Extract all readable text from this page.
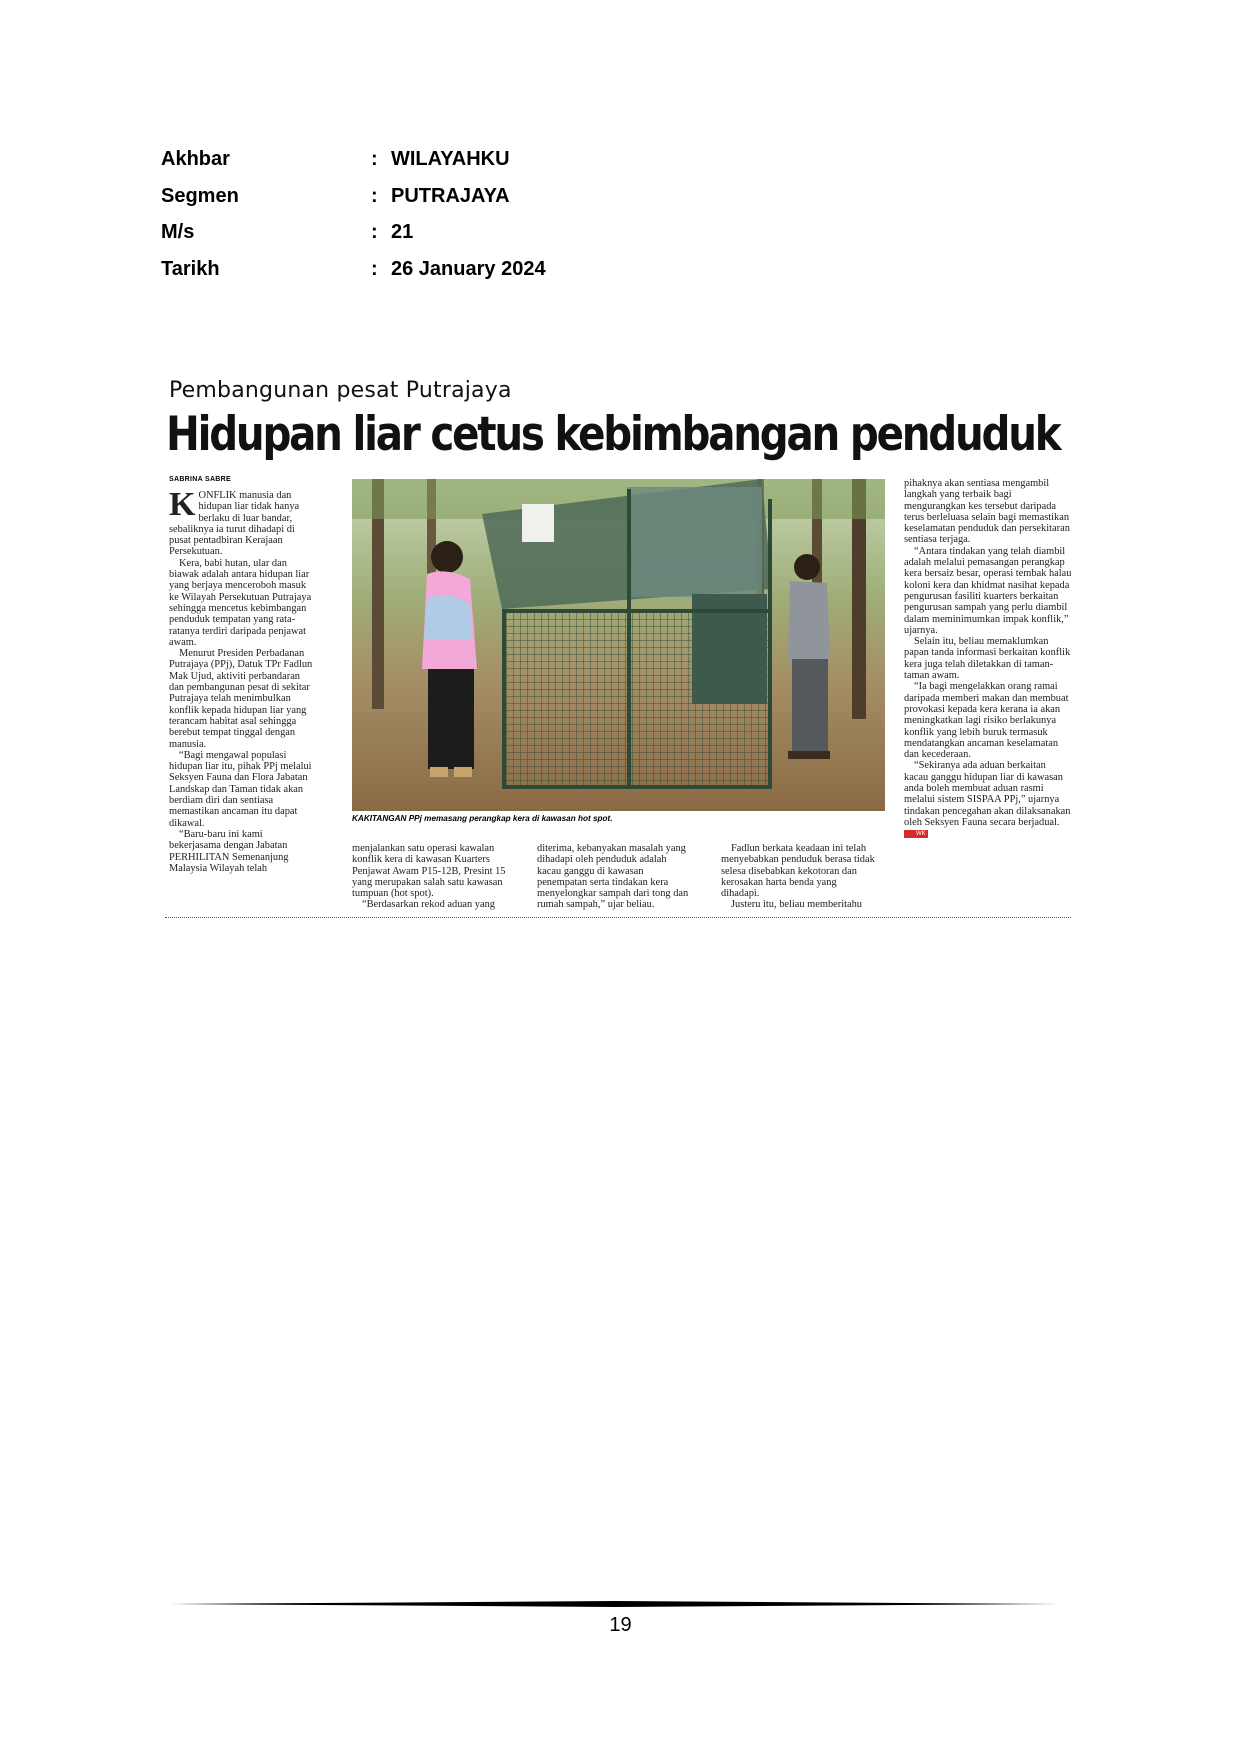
Akhbar	: WILAYAHKU
Segmen	: PUTRAJAYA
M/s	: 21
Tarikh	: 26 January 2024
Pembangunan pesat Putrajaya
Hidupan liar cetus kebimbangan penduduk
SABRINA SABRE

KONFLIK manusia dan hidupan liar tidak hanya berlaku di luar bandar, sebaliknya ia turut dihadapi di pusat pentadbiran Kerajaan Persekutuan.

Kera, babi hutan, ular dan biawak adalah antara hidupan liar yang berjaya menceroboh masuk ke Wilayah Persekutuan Putrajaya sehingga mencetus kebimbangan penduduk tempatan yang rata-ratanya terdiri daripada penjawat awam.

Menurut Presiden Perbadanan Putrajaya (PPj), Datuk TPr Fadlun Mak Ujud, aktiviti perbandaran dan pembangunan pesat di sekitar Putrajaya telah menimbulkan konflik kepada hidupan liar yang terancam habitat asal sehingga berebut tempat tinggal dengan manusia.

“Bagi mengawal populasi hidupan liar itu, pihak PPj melalui Seksyen Fauna dan Flora Jabatan Landskap dan Taman tidak akan berdiam diri dan sentiasa memastikan ancaman itu dapat dikawal.

“Baru-baru ini kami bekerjasama dengan Jabatan PERHILITAN Semenanjung Malaysia Wilayah telah

KAKITANGAN PPj memasang perangkap kera di kawasan hot spot.

pihaknya akan sentiasa mengambil langkah yang terbaik bagi mengurangkan kes tersebut daripada terus berleluasa selain bagi memastikan keselamatan penduduk dan persekitaran sentiasa terjaga.

“Antara tindakan yang telah diambil adalah melalui pemasangan perangkap kera bersaiz besar, operasi tembak halau koloni kera dan khidmat nasihat kepada pengurusan fasiliti kuarters berkaitan pengurusan sampah yang perlu diambil dalam meminimumkan impak konflik,” ujarnya.

Selain itu, beliau memaklumkan papan tanda informasi berkaitan konflik kera juga telah diletakkan di taman-taman awam.

“Ia bagi mengelakkan orang ramai daripada memberi makan dan membuat provokasi kepada kera kerana ia akan meningkatkan lagi risiko berlakunya konflik yang lebih buruk termasuk mendatangkan ancaman keselamatan dan kecederaan.

“Sekiranya ada aduan berkaitan kacau ganggu hidupan liar di kawasan anda boleh membuat aduan rasmi melalui sistem SISPAA PPj,” ujarnya tindakan pencegahan akan dilaksanakan oleh Seksyen Fauna secara berjadual. WK

menjalankan satu operasi kawalan konflik kera di kawasan Kuarters Penjawat Awam P15-12B, Presint 15 yang merupakan salah satu kawasan tumpuan (hot spot).

“Berdasarkan rekod aduan yang

diterima, kebanyakan masalah yang dihadapi oleh penduduk adalah kacau ganggu di kawasan penempatan serta tindakan kera menyelongkar sampah dari tong dan rumah sampah,” ujar beliau.

Fadlun berkata keadaan ini telah menyebabkan penduduk berasa tidak selesa disebabkan kekotoran dan kerosakan harta benda yang dihadapi.

Justeru itu, beliau memberitahu

19
